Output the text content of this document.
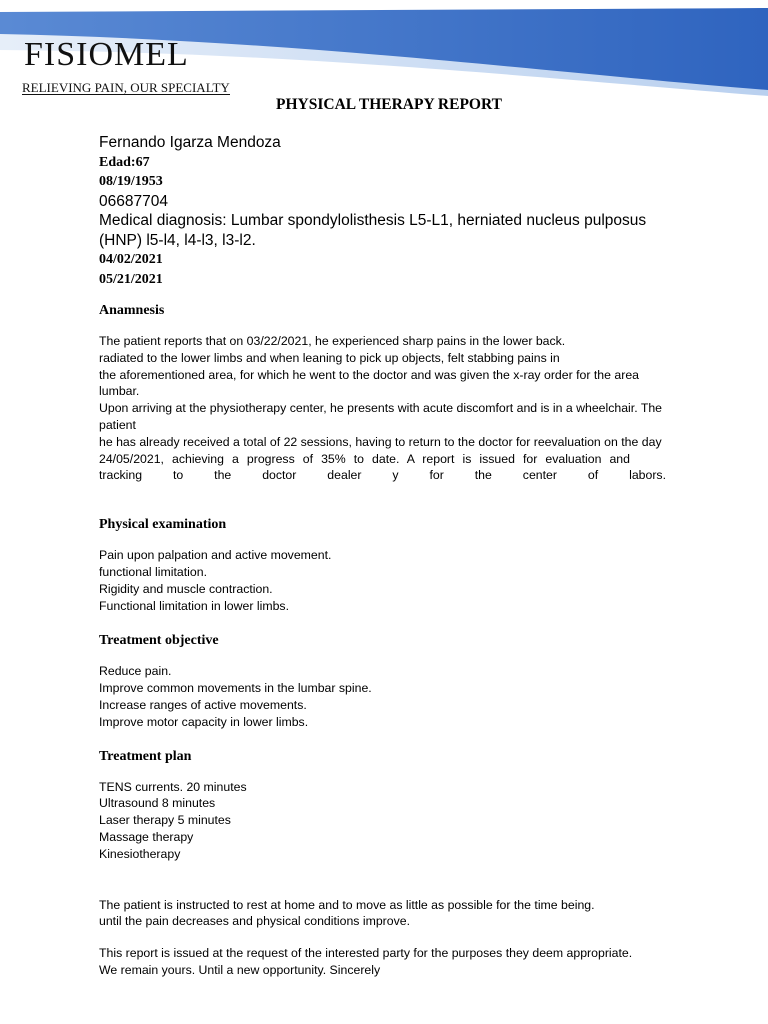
FISIOMEL
RELIEVING PAIN, OUR SPECIALTY
PHYSICAL THERAPY REPORT
Fernando Igarza Mendoza
Edad:67
08/19/1953
06687704
Medical diagnosis: Lumbar spondylolisthesis L5-L1, herniated nucleus pulposus
(HNP) l5-l4, l4-l3, l3-l2.
04/02/2021
05/21/2021
Anamnesis
The patient reports that on 03/22/2021, he experienced sharp pains in the lower back.
radiated to the lower limbs and when leaning to pick up objects, felt stabbing pains in
the aforementioned area, for which he went to the doctor and was given the x-ray order for the area
lumbar.
Upon arriving at the physiotherapy center, he presents with acute discomfort and is in a wheelchair. The patient
he has already received a total of 22 sessions, having to return to the doctor for reevaluation on the day
24/05/2021, achieving a progress of 35% to date. A report is issued for evaluation and
tracking to the doctor dealer y for the center of labors.
Physical examination
Pain upon palpation and active movement.
functional limitation.
Rigidity and muscle contraction.
Functional limitation in lower limbs.
Treatment objective
Reduce pain.
Improve common movements in the lumbar spine.
Increase ranges of active movements.
Improve motor capacity in lower limbs.
Treatment plan
TENS currents. 20 minutes
Ultrasound 8 minutes
Laser therapy 5 minutes
Massage therapy
Kinesiotherapy
The patient is instructed to rest at home and to move as little as possible for the time being.
until the pain decreases and physical conditions improve.
This report is issued at the request of the interested party for the purposes they deem appropriate.
We remain yours. Until a new opportunity. Sincerely
